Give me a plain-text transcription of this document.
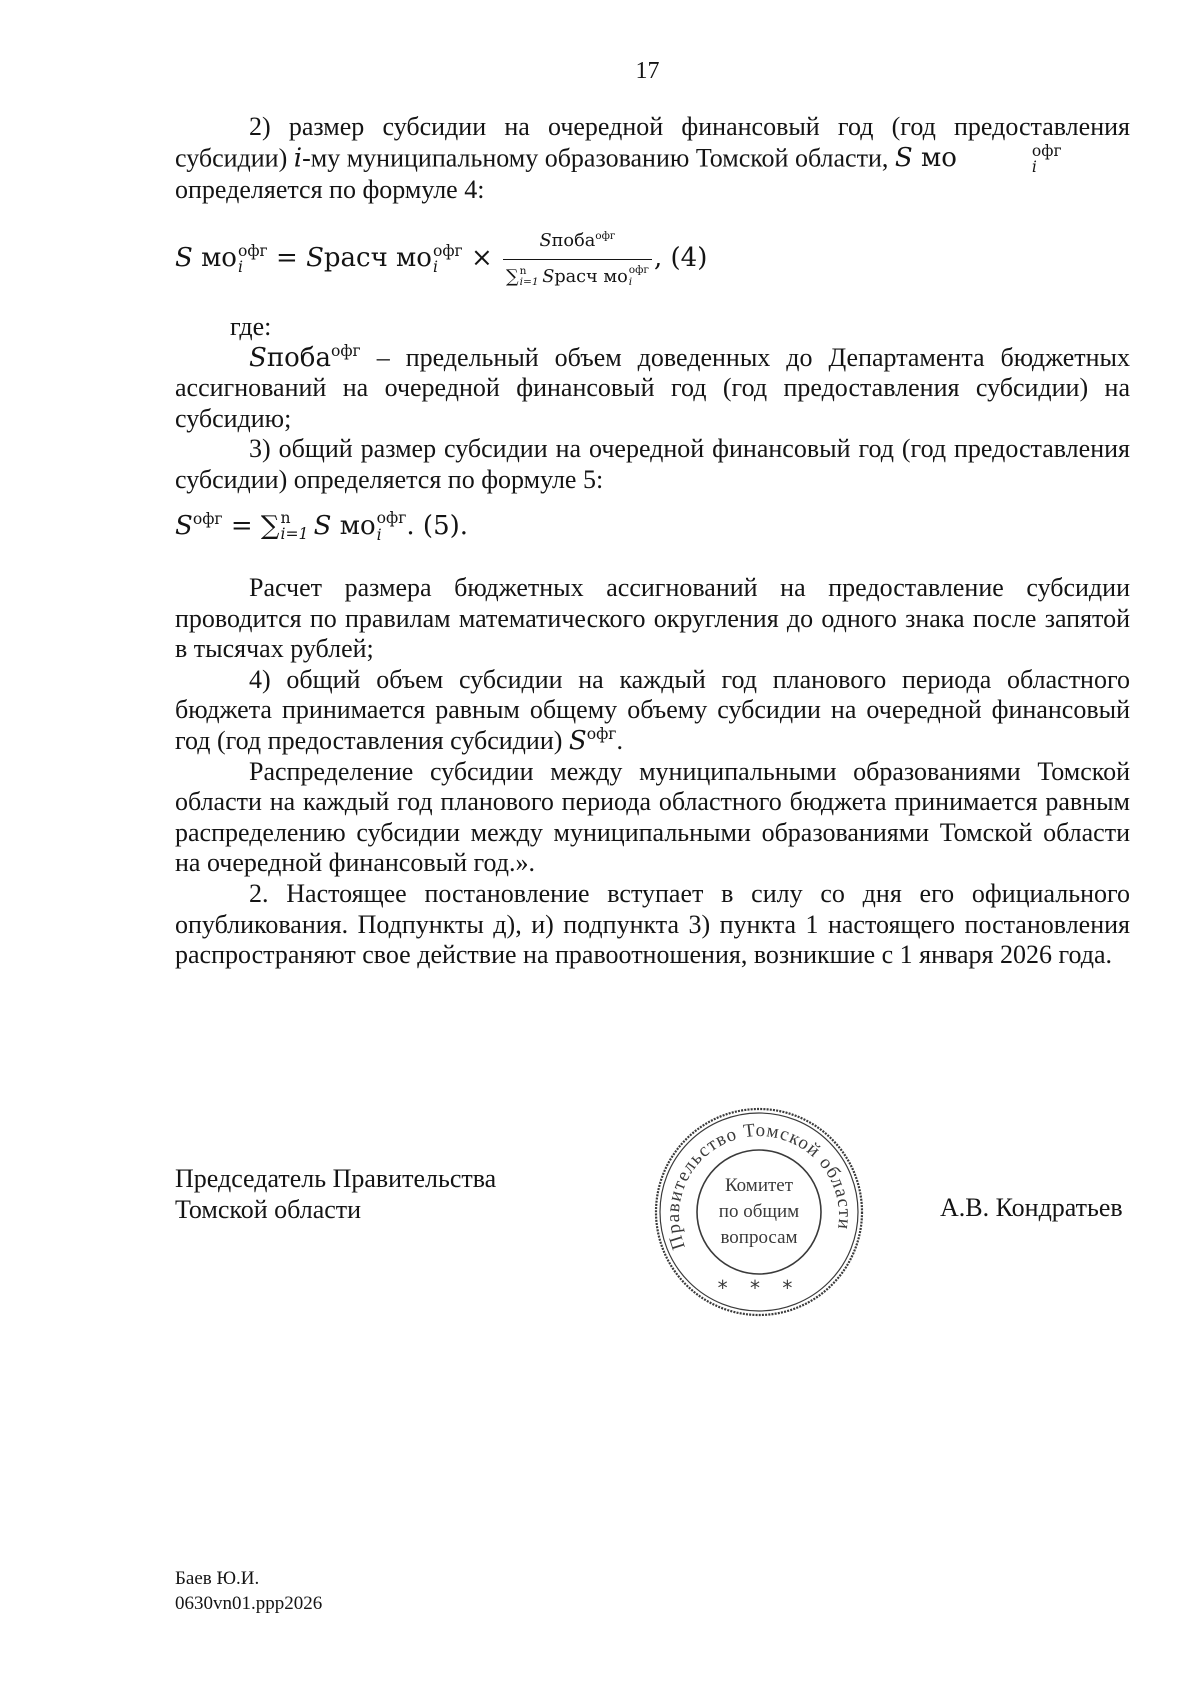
17

2) размер субсидии на очередной финансовый год (год предоставления субсидии) i-му муниципальному образованию Томской области, S мо	офг
i

определяется по формуле 4:

S мо офг
i = Sрасч мо офг
i × Sпоба$^{офг}$
∑ n
i=1
  Sрасч мо офг
i , (4)

где:

Sпоба$^{офг}$ – предельный объем доведенных до Департамента бюджетных ассигнований на очередной финансовый год (год предоставления субсидии) на субсидию;

3) общий размер субсидии на очередной финансовый год (год предоставления субсидии) определяется по формуле 5:

$S^{офг}$ = ∑ n
i=1
  S мо офг
i . (5).

Расчет размера бюджетных ассигнований на предоставление субсидии проводится по правилам математического округления до одного знака после запятой в тысячах рублей;

4) общий объем субсидии на каждый год планового периода областного бюджета принимается равным общему объему субсидии на очередной финансовый год (год предоставления субсидии) $S^{офг}$.

Распределение субсидии между муниципальными образованиями Томской области на каждый год планового периода областного бюджета принимается равным распределению субсидии между муниципальными образованиями Томской области на очередной финансовый год.».

2. Настоящее постановление вступает в силу со дня его официального опубликования. Подпункты д), и) подпункта 3) пункта 1 настоящего постановления распространяют свое действие на правоотношения, возникшие с 1 января 2026 года.

Председатель Правительства
Томской области
Правительство Томской области
Комитет
по общим
вопросам
* * *
А.В. Кондратьев
Баев Ю.И.
0630vn01.ppp2026
